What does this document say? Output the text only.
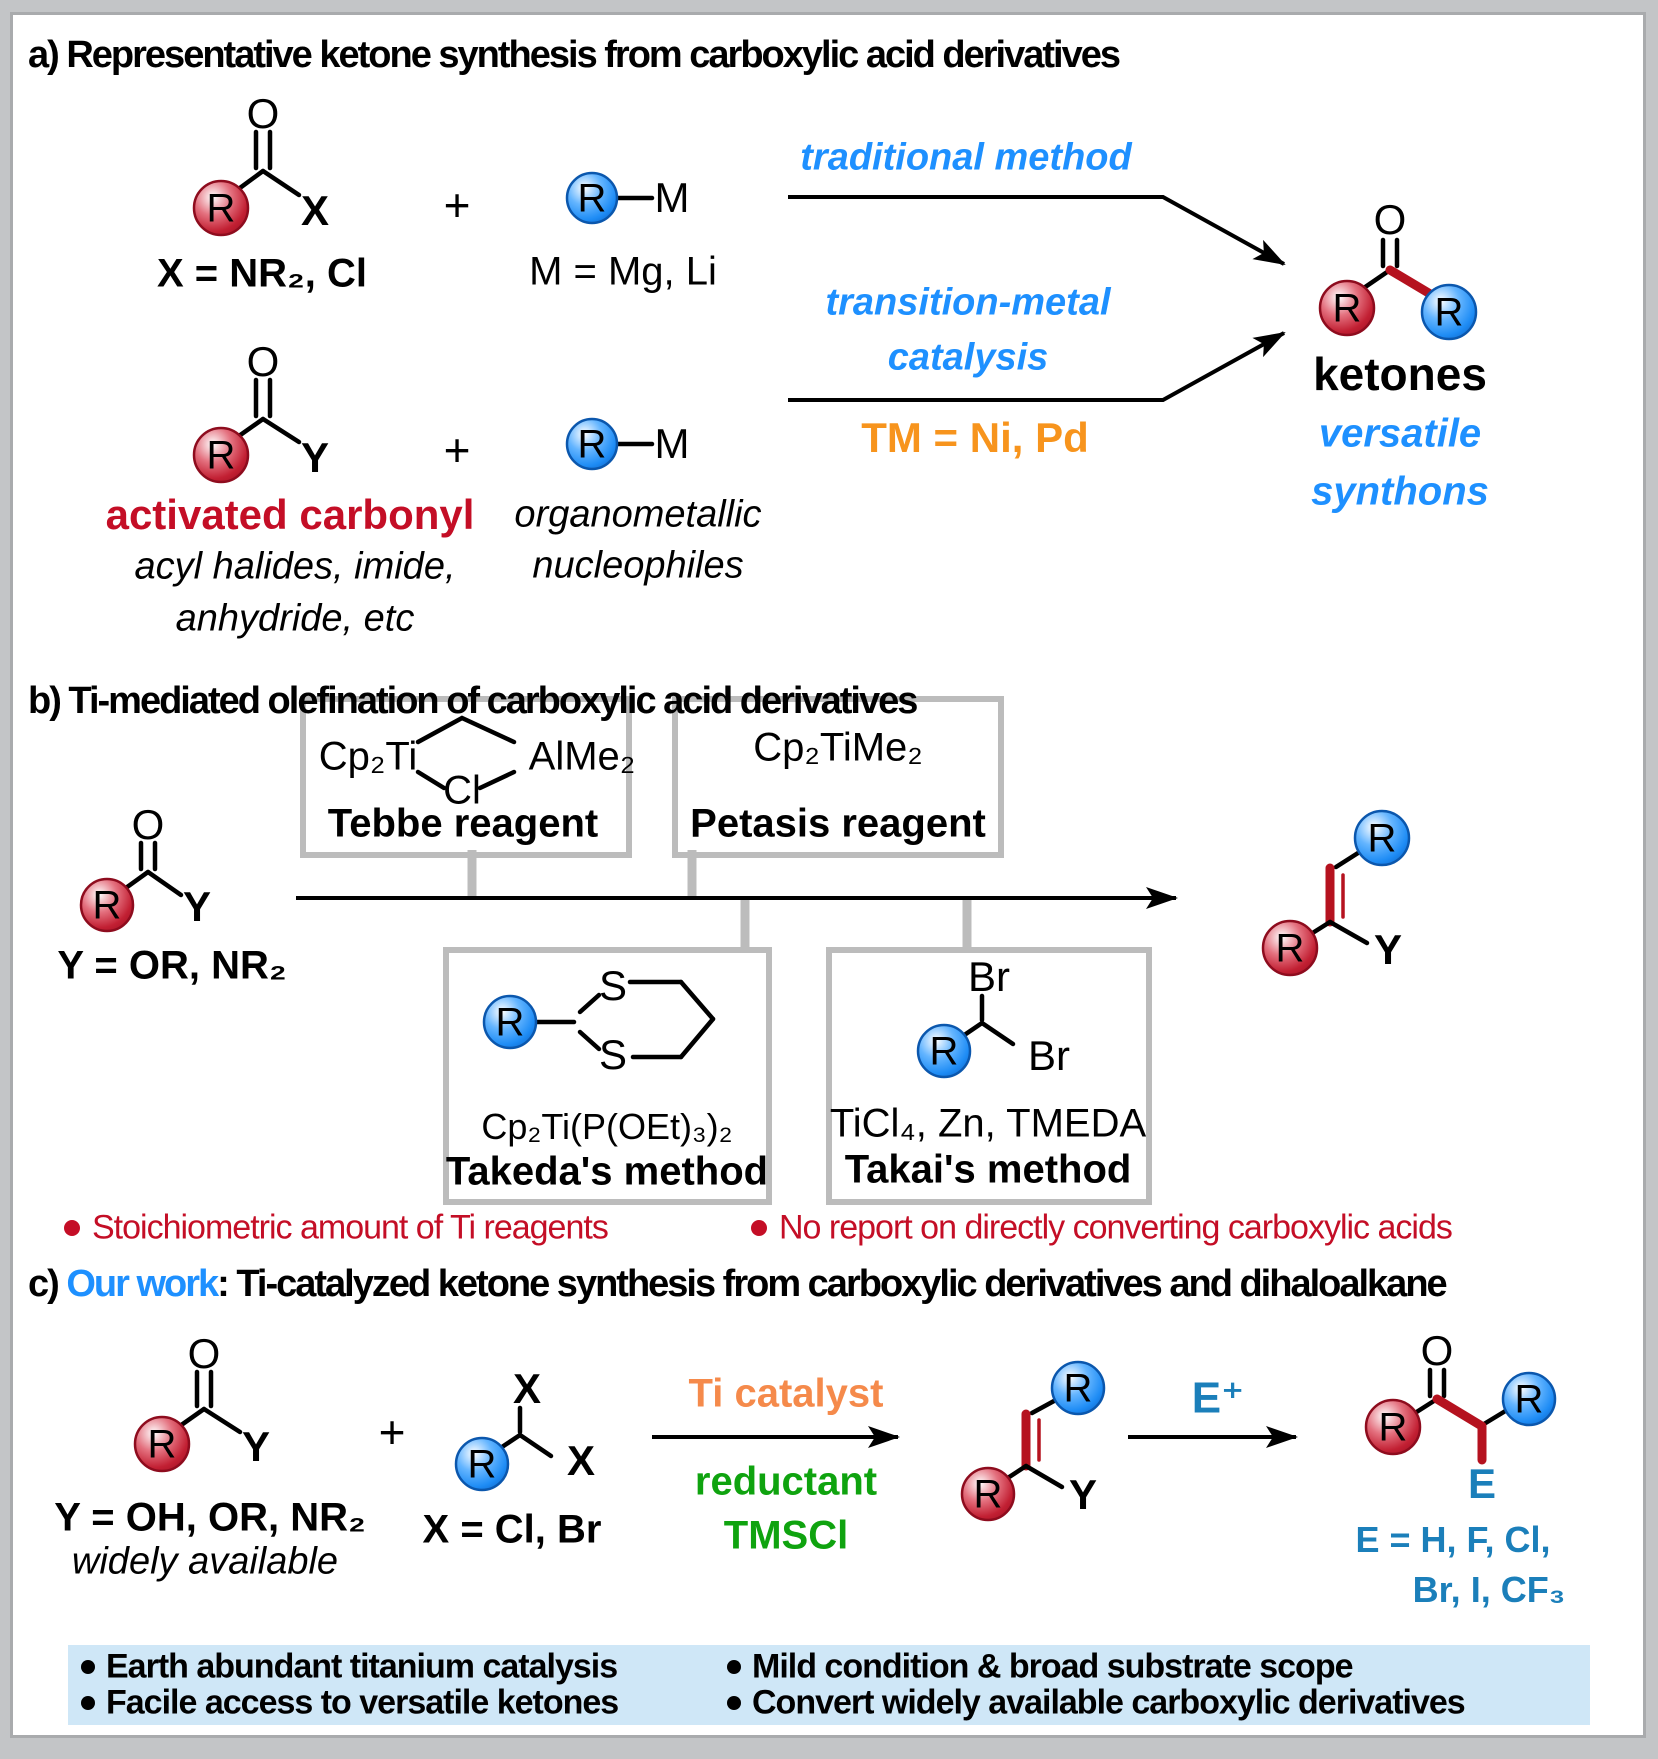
a) Representative ketone synthesis from carboxylic acid derivatives
O
R X
X = NR₂, Cl
+	R M
M = Mg, Li
traditional method
O
R Y
activated carbonyl
acyl halides, imide,
anhydride, etc
+	R M
organometallic
nucleophiles
transition-metal
catalysis
TM = Ni, Pd
O
R R
ketones
versatile
synthons
b) Ti-mediated olefination of carboxylic acid derivatives
Cp₂Ti	AlMe₂
Cl
Tebbe reagent
Cp₂TiMe₂
Petasis reagent
O
R Y
Y = OR, NR₂
R
S
S
Cp₂Ti(P(OEt)₃)₂
Takeda's method
Br
R Br
TiCl₄, Zn, TMEDA
Takai's method
R
R Y
Stoichiometric amount of Ti reagents	No report on directly converting carboxylic acids
c) Our work: Ti-catalyzed ketone synthesis from carboxylic derivatives and dihaloalkane
O
R Y
Y = OH, OR, NR₂
widely available
+
X
R X
X = Cl, Br
Ti catalyst
reductant
TMSCl
R
R Y
E⁺
O
R
R
E
E = H, F, Cl,
Br, I, CF₃
Earth abundant titanium catalysis
Facile access to versatile ketones
Mild condition & broad substrate scope
Convert widely available carboxylic derivatives
